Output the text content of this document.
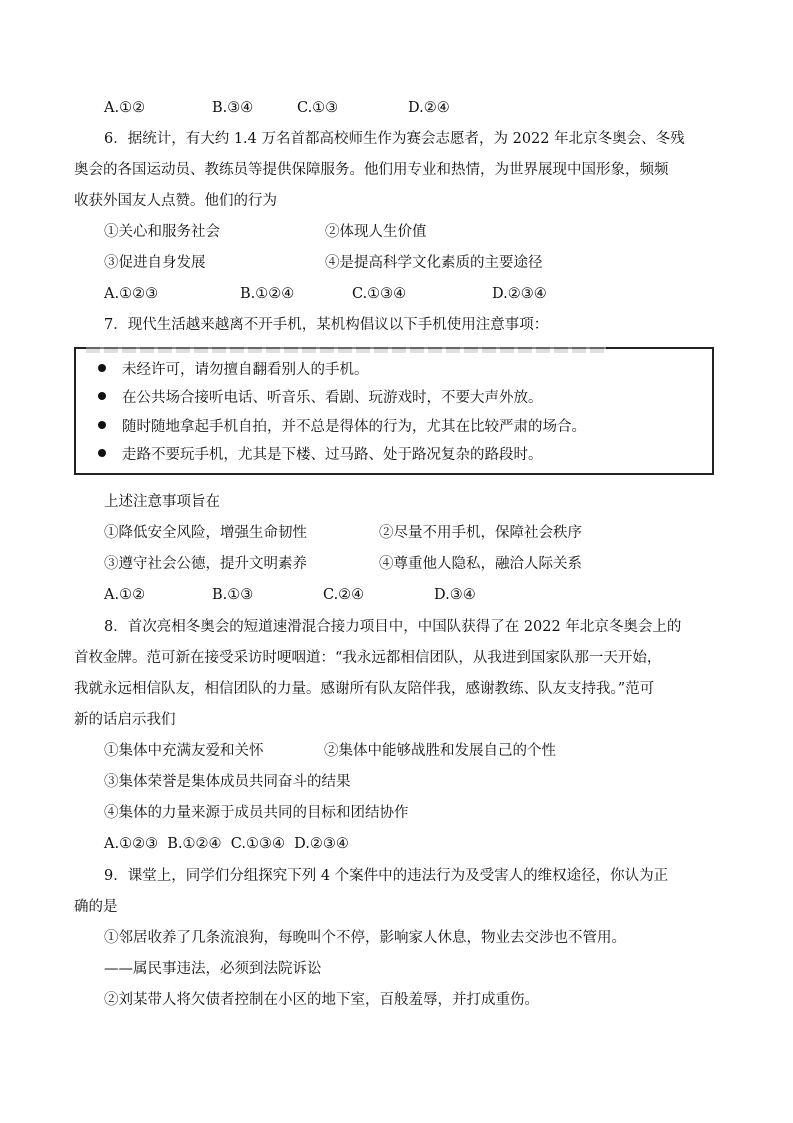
A.①②	B.③④	C.①③	D.②④
6．据统计，有大约 1.4 万名首都高校师生作为赛会志愿者，为 2022 年北京冬奥会、冬残
奥会的各国运动员、教练员等提供保障服务。他们用专业和热情，为世界展现中国形象，频频
收获外国友人点赞。他们的行为
①关心和服务社会	②体现人生价值
③促进自身发展	④是提高科学文化素质的主要途径
A.①②③	B.①②④	C.①③④	D.②③④
7．现代生活越来越离不开手机，某机构倡议以下手机使用注意事项：
未经许可，请勿擅自翻看别人的手机。
在公共场合接听电话、听音乐、看剧、玩游戏时，不要大声外放。
随时随地拿起手机自拍，并不总是得体的行为，尤其在比较严肃的场合。
走路不要玩手机，尤其是下楼、过马路、处于路况复杂的路段时。
上述注意事项旨在
①降低安全风险，增强生命韧性	②尽量不用手机，保障社会秩序
③遵守社会公德，提升文明素养	④尊重他人隐私，融洽人际关系
A.①②	B.①③	C.②④	D.③④
8．首次亮相冬奥会的短道速滑混合接力项目中，中国队获得了在 2022 年北京冬奥会上的
首枚金牌。范可新在接受采访时哽咽道：“我永远都相信团队，从我进到国家队那一天开始，
我就永远相信队友，相信团队的力量。感谢所有队友陪伴我，感谢教练、队友支持我。”范可
新的话启示我们
①集体中充满友爱和关怀	②集体中能够战胜和发展自己的个性
③集体荣誉是集体成员共同奋斗的结果
④集体的力量来源于成员共同的目标和团结协作
A.①②③  B.①②④  C.①③④  D.②③④
9．课堂上，同学们分组探究下列 4 个案件中的违法行为及受害人的维权途径，你认为正
确的是
①邻居收养了几条流浪狗，每晚叫个不停，影响家人休息，物业去交涉也不管用。
——属民事违法，必须到法院诉讼
②刘某带人将欠债者控制在小区的地下室，百般羞辱，并打成重伤。
